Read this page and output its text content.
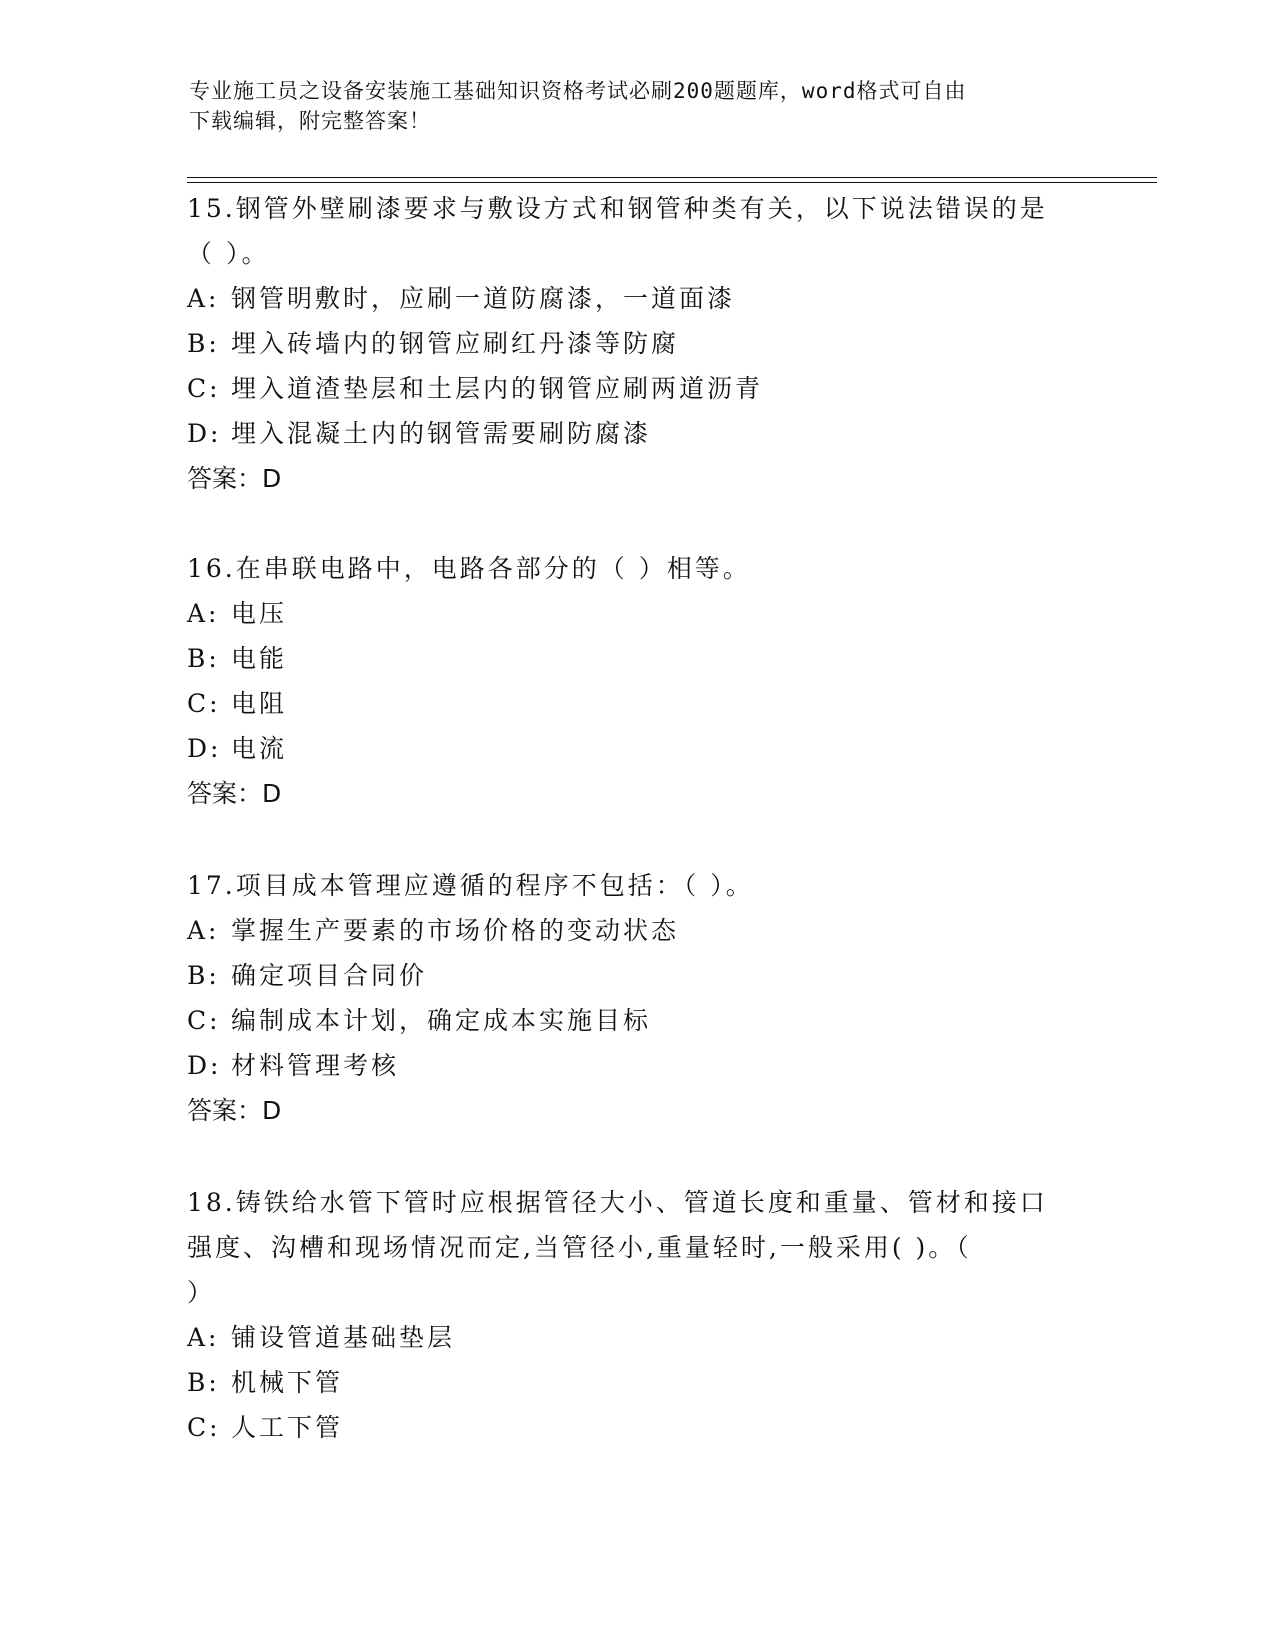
专业施工员之设备安装施工基础知识资格考试必刷200题题库，word格式可自由
下载编辑，附完整答案！
15.钢管外壁刷漆要求与敷设方式和钢管种类有关，以下说法错误的是
（ ）。
A: 钢管明敷时，应刷一道防腐漆，一道面漆
B: 埋入砖墙内的钢管应刷红丹漆等防腐
C: 埋入道渣垫层和土层内的钢管应刷两道沥青
D: 埋入混凝土内的钢管需要刷防腐漆
答案：D
16.在串联电路中，电路各部分的（ ）相等。
A: 电压
B: 电能
C: 电阻
D: 电流
答案：D
17.项目成本管理应遵循的程序不包括：（ ）。
A: 掌握生产要素的市场价格的变动状态
B: 确定项目合同价
C: 编制成本计划，确定成本实施目标
D: 材料管理考核
答案：D
18.铸铁给水管下管时应根据管径大小、管道长度和重量、管材和接口
强度、沟槽和现场情况而定,当管径小,重量轻时,一般采用( )。（
）
A: 铺设管道基础垫层
B: 机械下管
C: 人工下管
